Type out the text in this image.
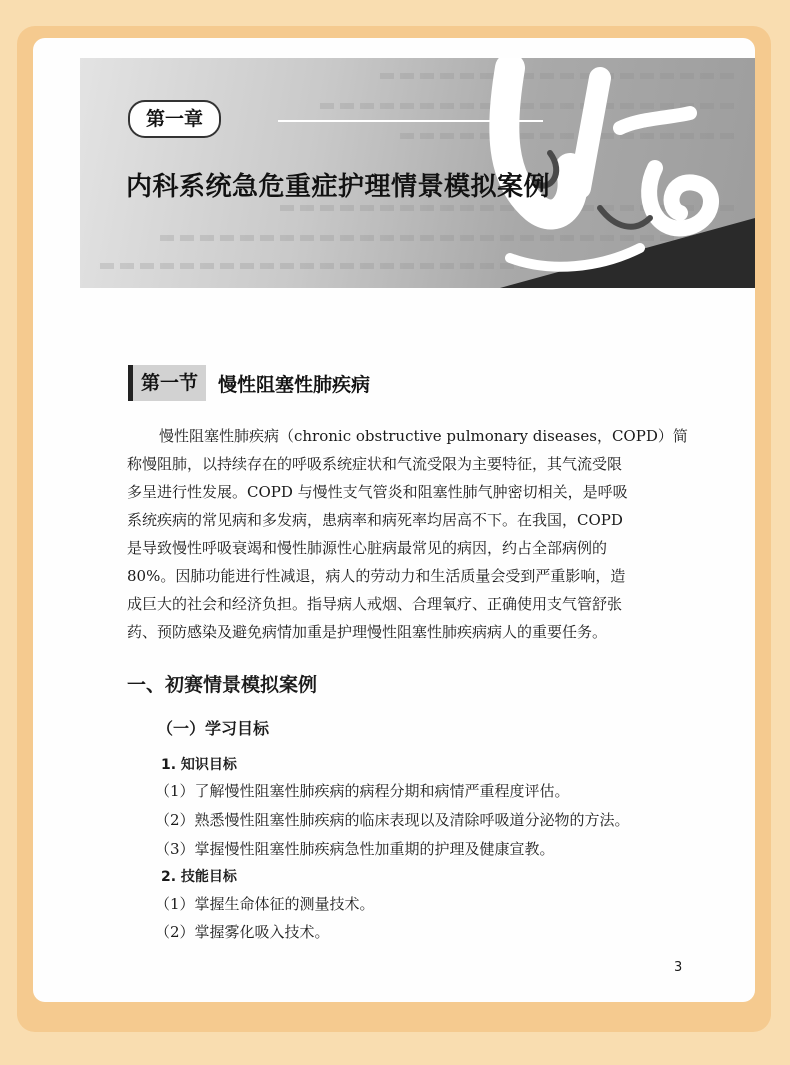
第一章
内科系统急危重症护理情景模拟案例
第一节	慢性阻塞性肺疾病

慢性阻塞性肺疾病（chronic obstructive pulmonary diseases，COPD）简
称慢阻肺，以持续存在的呼吸系统症状和气流受限为主要特征，其气流受限
多呈进行性发展。COPD 与慢性支气管炎和阻塞性肺气肿密切相关，是呼吸
系统疾病的常见病和多发病，患病率和病死率均居高不下。在我国，COPD
是导致慢性呼吸衰竭和慢性肺源性心脏病最常见的病因，约占全部病例的
80%。因肺功能进行性减退，病人的劳动力和生活质量会受到严重影响，造
成巨大的社会和经济负担。指导病人戒烟、合理氧疗、正确使用支气管舒张
药、预防感染及避免病情加重是护理慢性阻塞性肺疾病病人的重要任务。

一、初赛情景模拟案例
（一）学习目标
1. 知识目标
（1）了解慢性阻塞性肺疾病的病程分期和病情严重程度评估。
（2）熟悉慢性阻塞性肺疾病的临床表现以及清除呼吸道分泌物的方法。
（3）掌握慢性阻塞性肺疾病急性加重期的护理及健康宣教。
2. 技能目标
（1）掌握生命体征的测量技术。
（2）掌握雾化吸入技术。
3
